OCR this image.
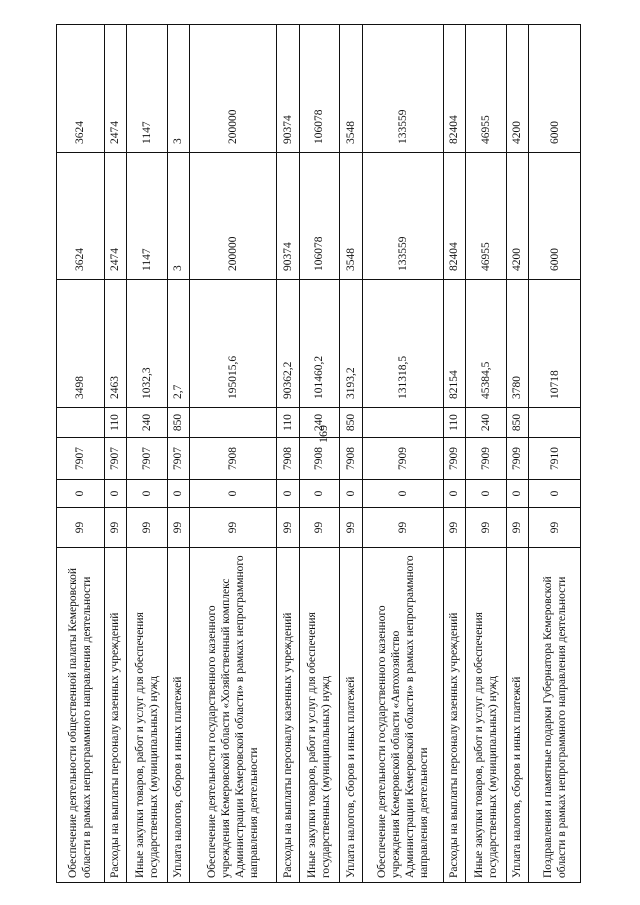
169
Обеспечение деятельности общественной палаты Кемеровской области в рамках непрограммного направления деятельности	99	0	7907		3498	3624	3624
Расходы на выплаты персоналу казенных учреждений	99	0	7907	110	2463	2474	2474
Иные закупки товаров, работ и услуг для обеспечения государственных (муниципальных) нужд	99	0	7907	240	1032,3	1147	1147
Уплата налогов, сборов и иных платежей	99	0	7907	850	2,7	3	3
Обеспечение деятельности государственного казенного учреждения Кемеровской области «Хозяйственный комплекс Администрации Кемеровской области» в рамках непрограммного направления деятельности	99	0	7908		195015,6	200000	200000
Расходы на выплаты персоналу казенных учреждений	99	0	7908	110	90362,2	90374	90374
Иные закупки товаров, работ и услуг для обеспечения государственных (муниципальных) нужд	99	0	7908	240	101460,2	106078	106078
Уплата налогов, сборов и иных платежей	99	0	7908	850	3193,2	3548	3548
Обеспечение деятельности государственного казенного учреждения Кемеровской области «Автохозяйство Администрации Кемеровской области» в рамках непрограммного направления деятельности	99	0	7909		131318,5	133559	133559
Расходы на выплаты персоналу казенных учреждений	99	0	7909	110	82154	82404	82404
Иные закупки товаров, работ и услуг для обеспечения государственных (муниципальных) нужд	99	0	7909	240	45384,5	46955	46955
Уплата налогов, сборов и иных платежей	99	0	7909	850	3780	4200	4200
Поздравления и памятные подарки Губернатора Кемеровской области в рамках непрограммного направления деятельности	99	0	7910		10718	6000	6000
